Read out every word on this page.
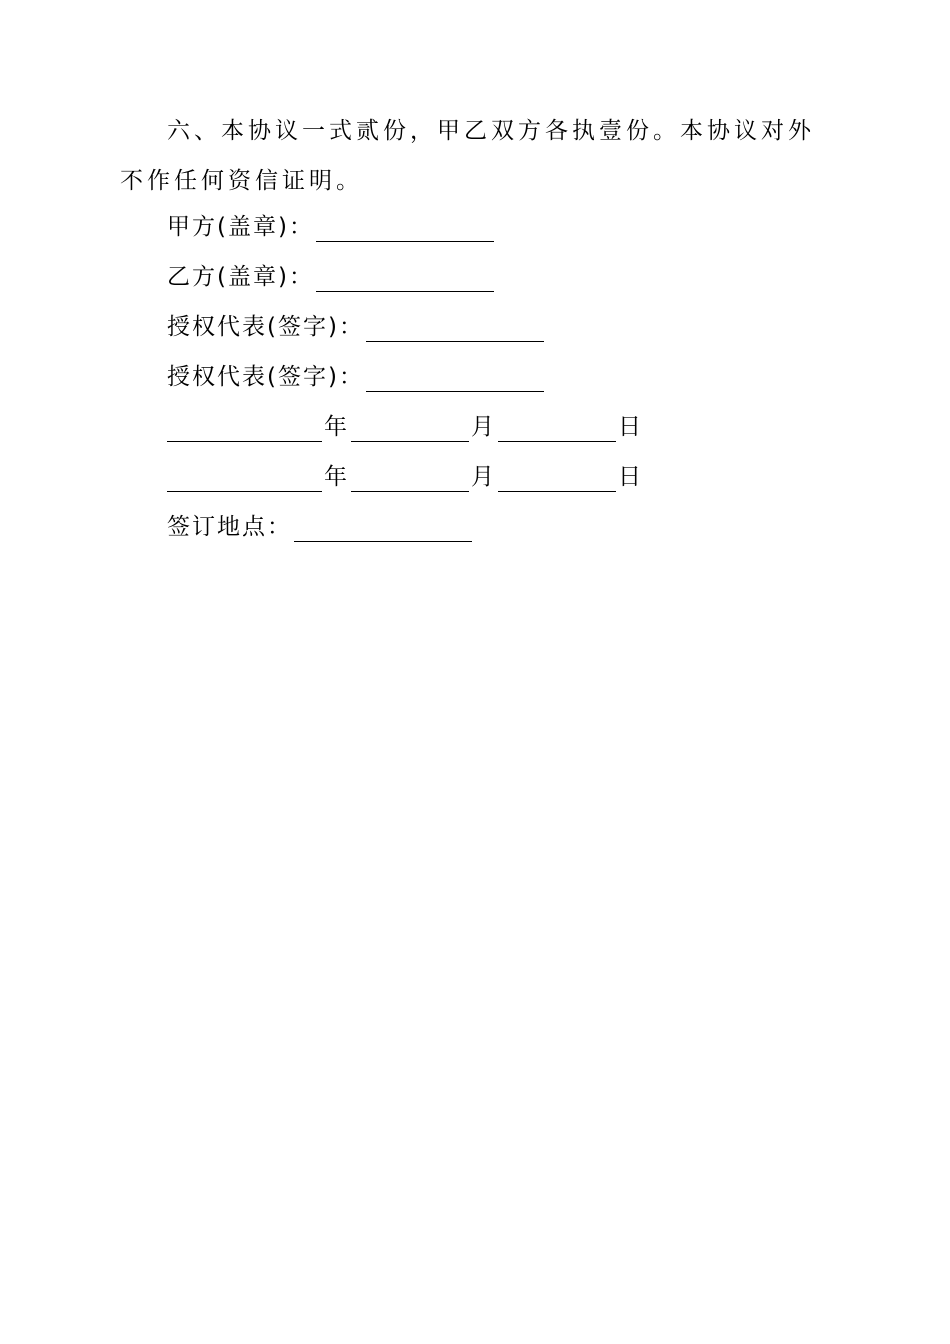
六、本协议一式贰份，甲乙双方各执壹份。本协议对外不作任何资信证明。

甲方(盖章)：
乙方(盖章)：
授权代表(签字)：
授权代表(签字)：
年	月	日
年	月	日
签订地点：
